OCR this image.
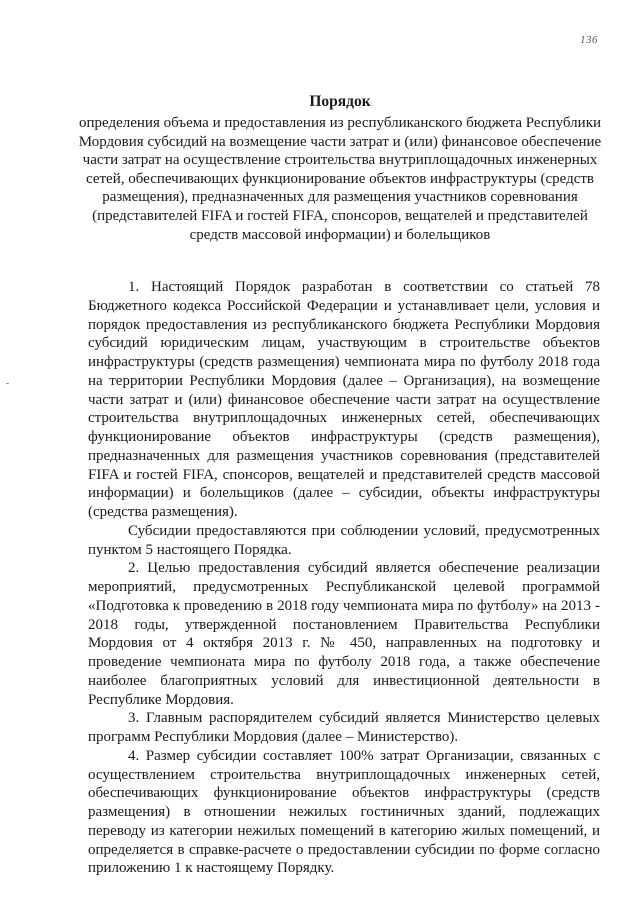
136

Порядок

определения объема и предоставления из республиканского бюджета Республики Мордовия субсидий на возмещение части затрат и (или) финансовое обеспечение части затрат на осуществление строительства внутриплощадочных инженерных сетей, обеспечивающих функционирование объектов инфраструктуры (средств размещения), предназначенных для размещения участников соревнования (представителей FIFA и гостей FIFA, спонсоров, вещателей и представителей средств массовой информации) и болельщиков

1. Настоящий Порядок разработан в соответствии со статьей 78 Бюджетного кодекса Российской Федерации и устанавливает цели, условия и порядок предоставления из республиканского бюджета Республики Мордовия субсидий юридическим лицам, участвующим в строительстве объектов инфраструктуры (средств размещения) чемпионата мира по футболу 2018 года на территории Республики Мордовия (далее – Организация), на возмещение части затрат и (или) финансовое обеспечение части затрат на осуществление строительства внутриплощадочных инженерных сетей, обеспечивающих функционирование объектов инфраструктуры (средств размещения), предназначенных для размещения участников соревнования (представителей FIFA и гостей FIFA, спонсоров, вещателей и представителей средств массовой информации) и болельщиков (далее – субсидии, объекты инфраструктуры (средства размещения).

Субсидии предоставляются при соблюдении условий, предусмотренных пунктом 5 настоящего Порядка.

2. Целью предоставления субсидий является обеспечение реализации мероприятий, предусмотренных Республиканской целевой программой «Подготовка к проведению в 2018 году чемпионата мира по футболу» на 2013 - 2018 годы, утвержденной постановлением Правительства Республики Мордовия от 4 октября 2013 г. № 450, направленных на подготовку и проведение чемпионата мира по футболу 2018 года, а также обеспечение наиболее благоприятных условий для инвестиционной деятельности в Республике Мордовия.

3. Главным распорядителем субсидий является Министерство целевых программ Республики Мордовия (далее – Министерство).

4. Размер субсидии составляет 100% затрат Организации, связанных с осуществлением строительства внутриплощадочных инженерных сетей, обеспечивающих функционирование объектов инфраструктуры (средств размещения) в отношении нежилых гостиничных зданий, подлежащих переводу из категории нежилых помещений в категорию жилых помещений, и определяется в справке-расчете о предоставлении субсидии по форме согласно приложению 1 к настоящему Порядку.
